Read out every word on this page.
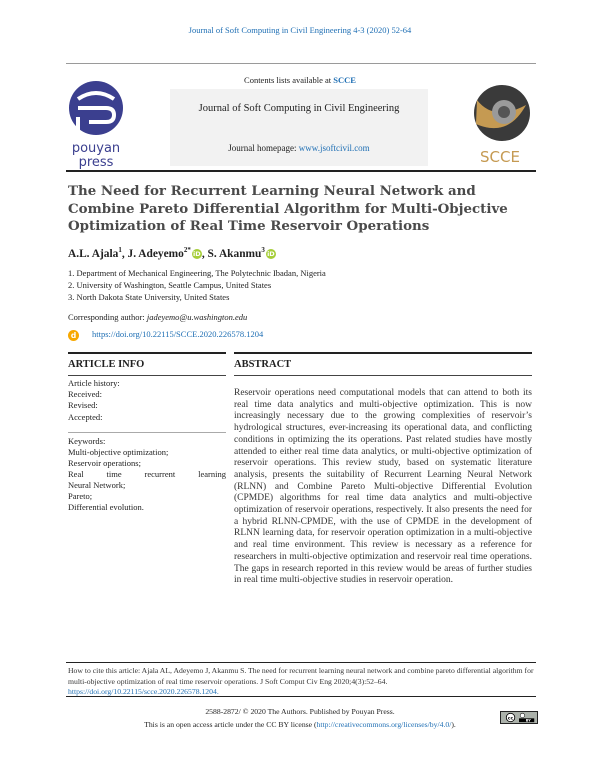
Journal of Soft Computing in Civil Engineering 4-3 (2020) 52-64
Contents lists available at SCCE
Journal of Soft Computing in Civil Engineering
Journal homepage: www.jsoftcivil.com
pouyan
press	SCCE
The Need for Recurrent Learning Neural Network and Combine Pareto Differential Algorithm for Multi-Objective Optimization of Real Time Reservoir Operations
A.L. Ajala$^1$, J. Adeyemo$^{2*}$ iD, S. Akanmu$^3$ iD
1. Department of Mechanical Engineering, The Polytechnic Ibadan, Nigeria
2. University of Washington, Seattle Campus, United States
3. North Dakota State University, United States
Corresponding author: jadeyemo@u.washington.edu
d https://doi.org/10.22115/SCCE.2020.226578.1204
ARTICLE INFO	ABSTRACT
Article history:
Received:
Revised:
Accepted:
Keywords:
Multi-objective optimization;
Reservoir operations;
Real time recurrent learning
Neural Network;
Pareto;
Differential evolution.
Reservoir operations need computational models that can attend to both its real time data analytics and multi-objective optimization. This is now increasingly necessary due to the growing complexities of reservoir’s hydrological structures, ever-increasing its operational data, and conflicting conditions in optimizing the its operations. Past related studies have mostly attended to either real time data analytics, or multi-objective optimization of reservoir operations. This review study, based on systematic literature analysis, presents the suitability of Recurrent Learning Neural Network (RLNN) and Combine Pareto Multi-objective Differential Evolution (CPMDE) algorithms for real time data analytics and multi-objective optimization of reservoir operations, respectively. It also presents the need for a hybrid RLNN-CPMDE, with the use of CPMDE in the development of RLNN learning data, for reservoir operation optimization in a multi-objective and real time environment. This review is necessary as a reference for researchers in multi-objective optimization and reservoir real time operations. The gaps in research reported in this review would be areas of further studies in real time multi-objective studies in reservoir operation.
How to cite this article: Ajala AL, Adeyemo J, Akanmu S. The need for recurrent learning neural network and combine pareto differential algorithm for multi-objective optimization of real time reservoir operations. J Soft Comput Civ Eng 2020;4(3):52–64.
https://doi.org/10.22115/scce.2020.226578.1204.
2588-2872/ © 2020 The Authors. Published by Pouyan Press.
This is an open access article under the CC BY license (http://creativecommons.org/licenses/by/4.0/).
cc	BY
